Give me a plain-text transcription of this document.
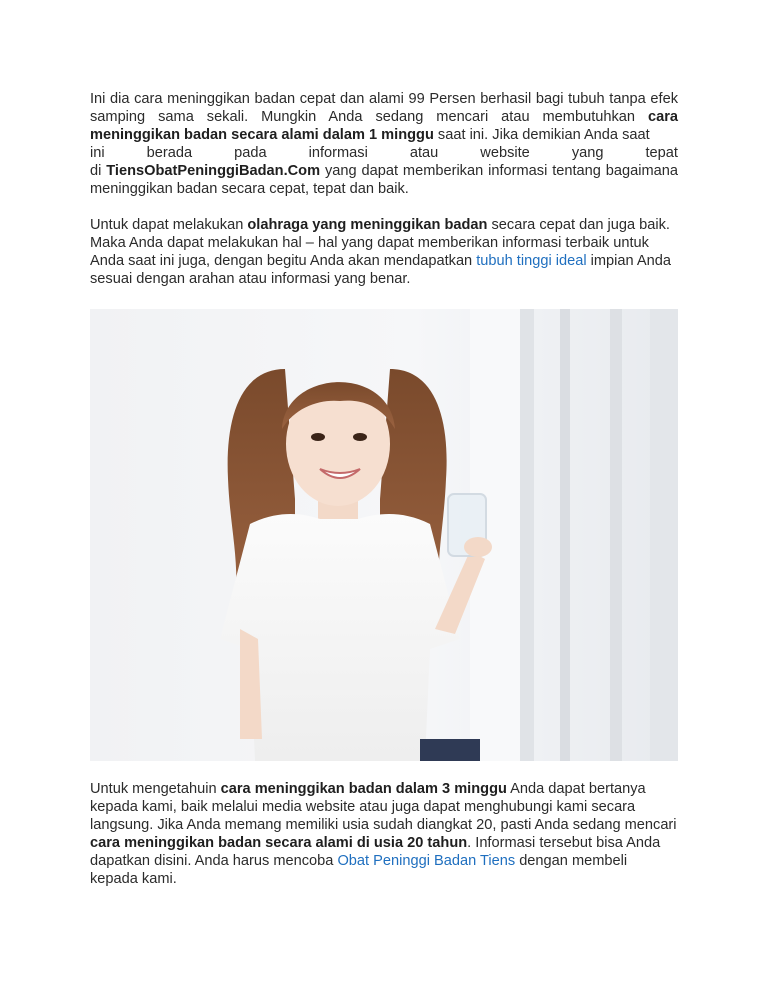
Ini dia cara meninggikan badan cepat dan alami 99 Persen berhasil bagi tubuh tanpa efek samping sama sekali. Mungkin Anda sedang mencari atau membutuhkan cara meninggikan badan secara alami dalam 1 minggu saat ini. Jika demikian Anda saat
ini	berada	pada	informasi	atau	website	yang	tepat
di TiensObatPeninggiBadan.Com yang dapat memberikan informasi tentang bagaimana meninggikan badan secara cepat, tepat dan baik.

Untuk dapat melakukan olahraga yang meninggikan badan secara cepat dan juga baik. Maka Anda dapat melakukan hal – hal yang dapat memberikan informasi terbaik untuk Anda saat ini juga, dengan begitu Anda akan mendapatkan tubuh tinggi ideal impian Anda sesuai dengan arahan atau informasi yang benar.

Untuk mengetahuin cara meninggikan badan dalam 3 minggu Anda dapat bertanya kepada kami, baik melalui media website atau juga dapat menghubungi kami secara langsung. Jika Anda memang memiliki usia sudah diangkat 20, pasti Anda sedang mencari cara meninggikan badan secara alami di usia 20 tahun. Informasi tersebut bisa Anda dapatkan disini. Anda harus mencoba Obat Peninggi Badan Tiens dengan membeli kepada kami.
